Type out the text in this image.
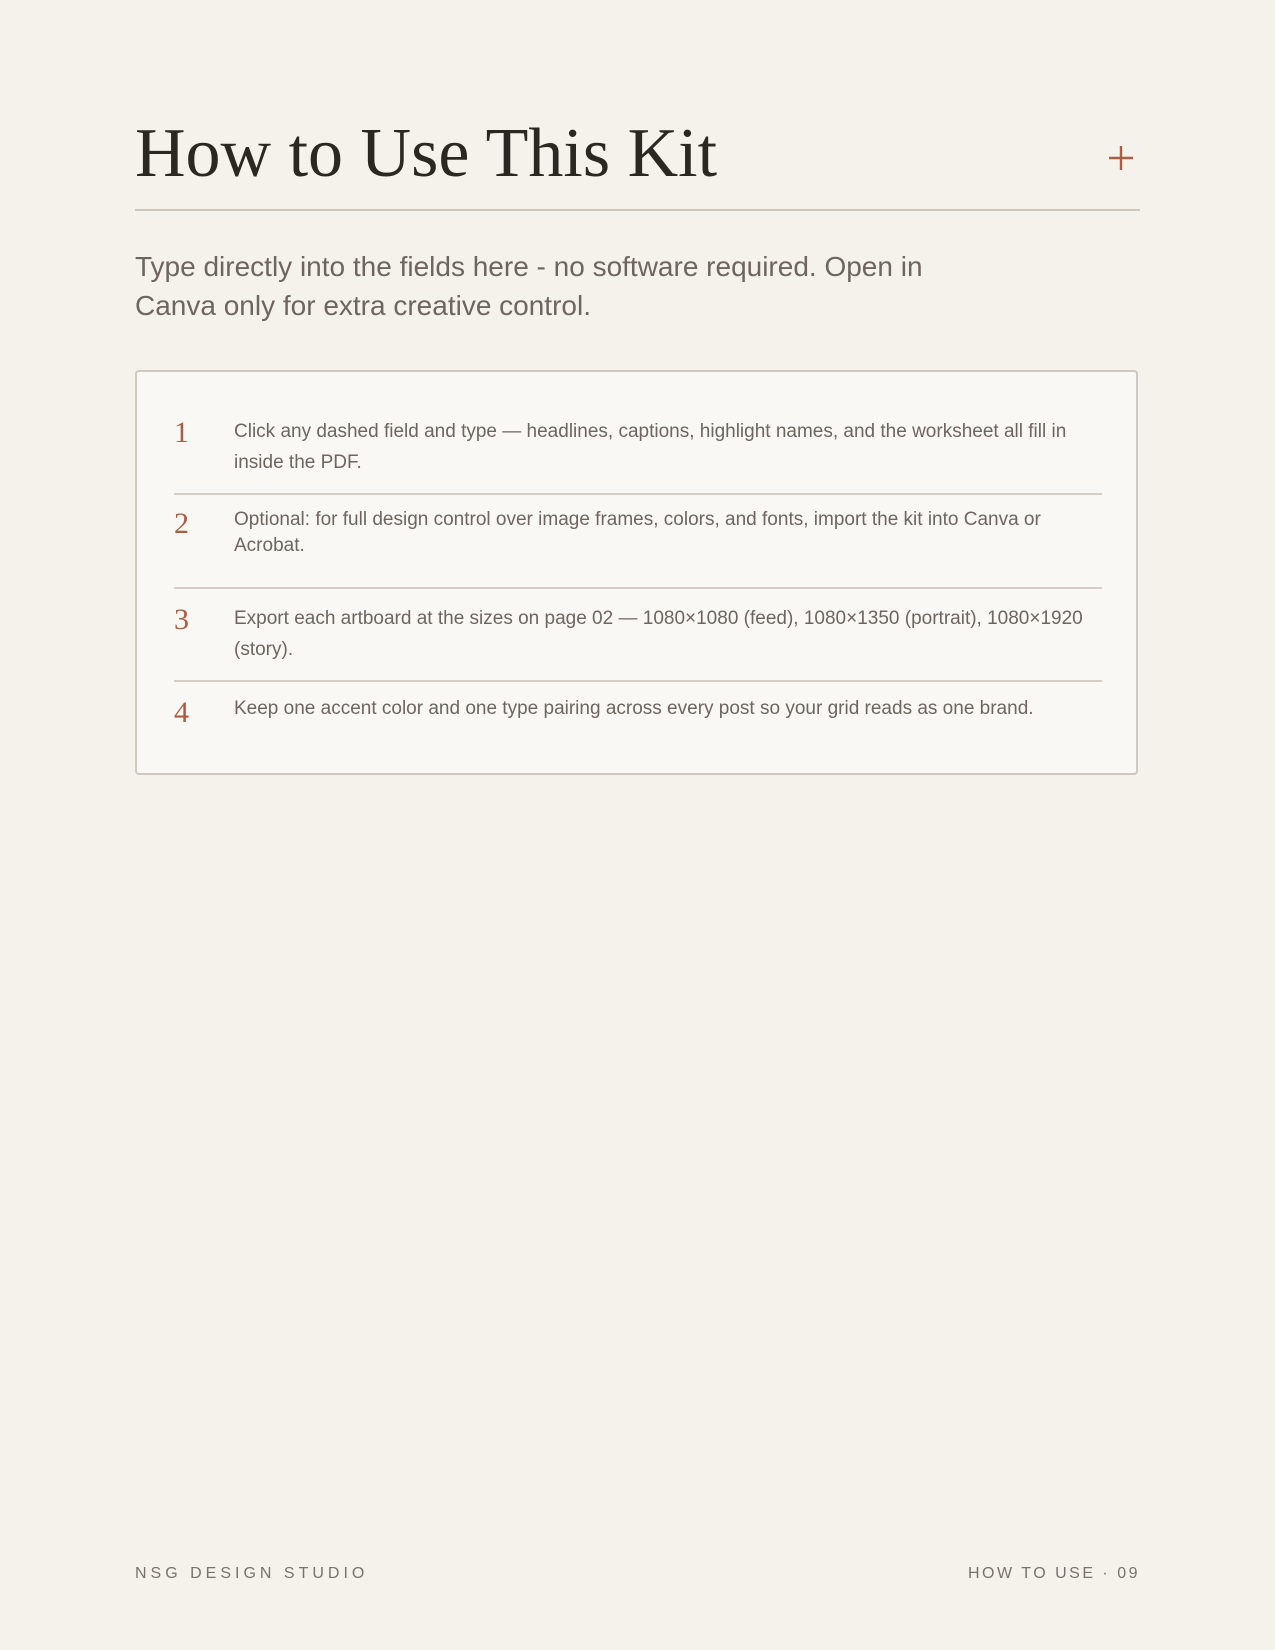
How to Use This Kit

Type directly into the fields here - no software required. Open in Canva only for extra creative control.

1 Click any dashed field and type — headlines, captions, highlight names, and the worksheet all fill in inside the PDF.
2 Optional: for full design control over image frames, colors, and fonts, import the kit into Canva or Acrobat.
3 Export each artboard at the sizes on page 02 — 1080×1080 (feed), 1080×1350 (portrait), 1080×1920 (story).
4 Keep one accent color and one type pairing across every post so your grid reads as one brand.
NSG DESIGN STUDIO	HOW TO USE · 09
